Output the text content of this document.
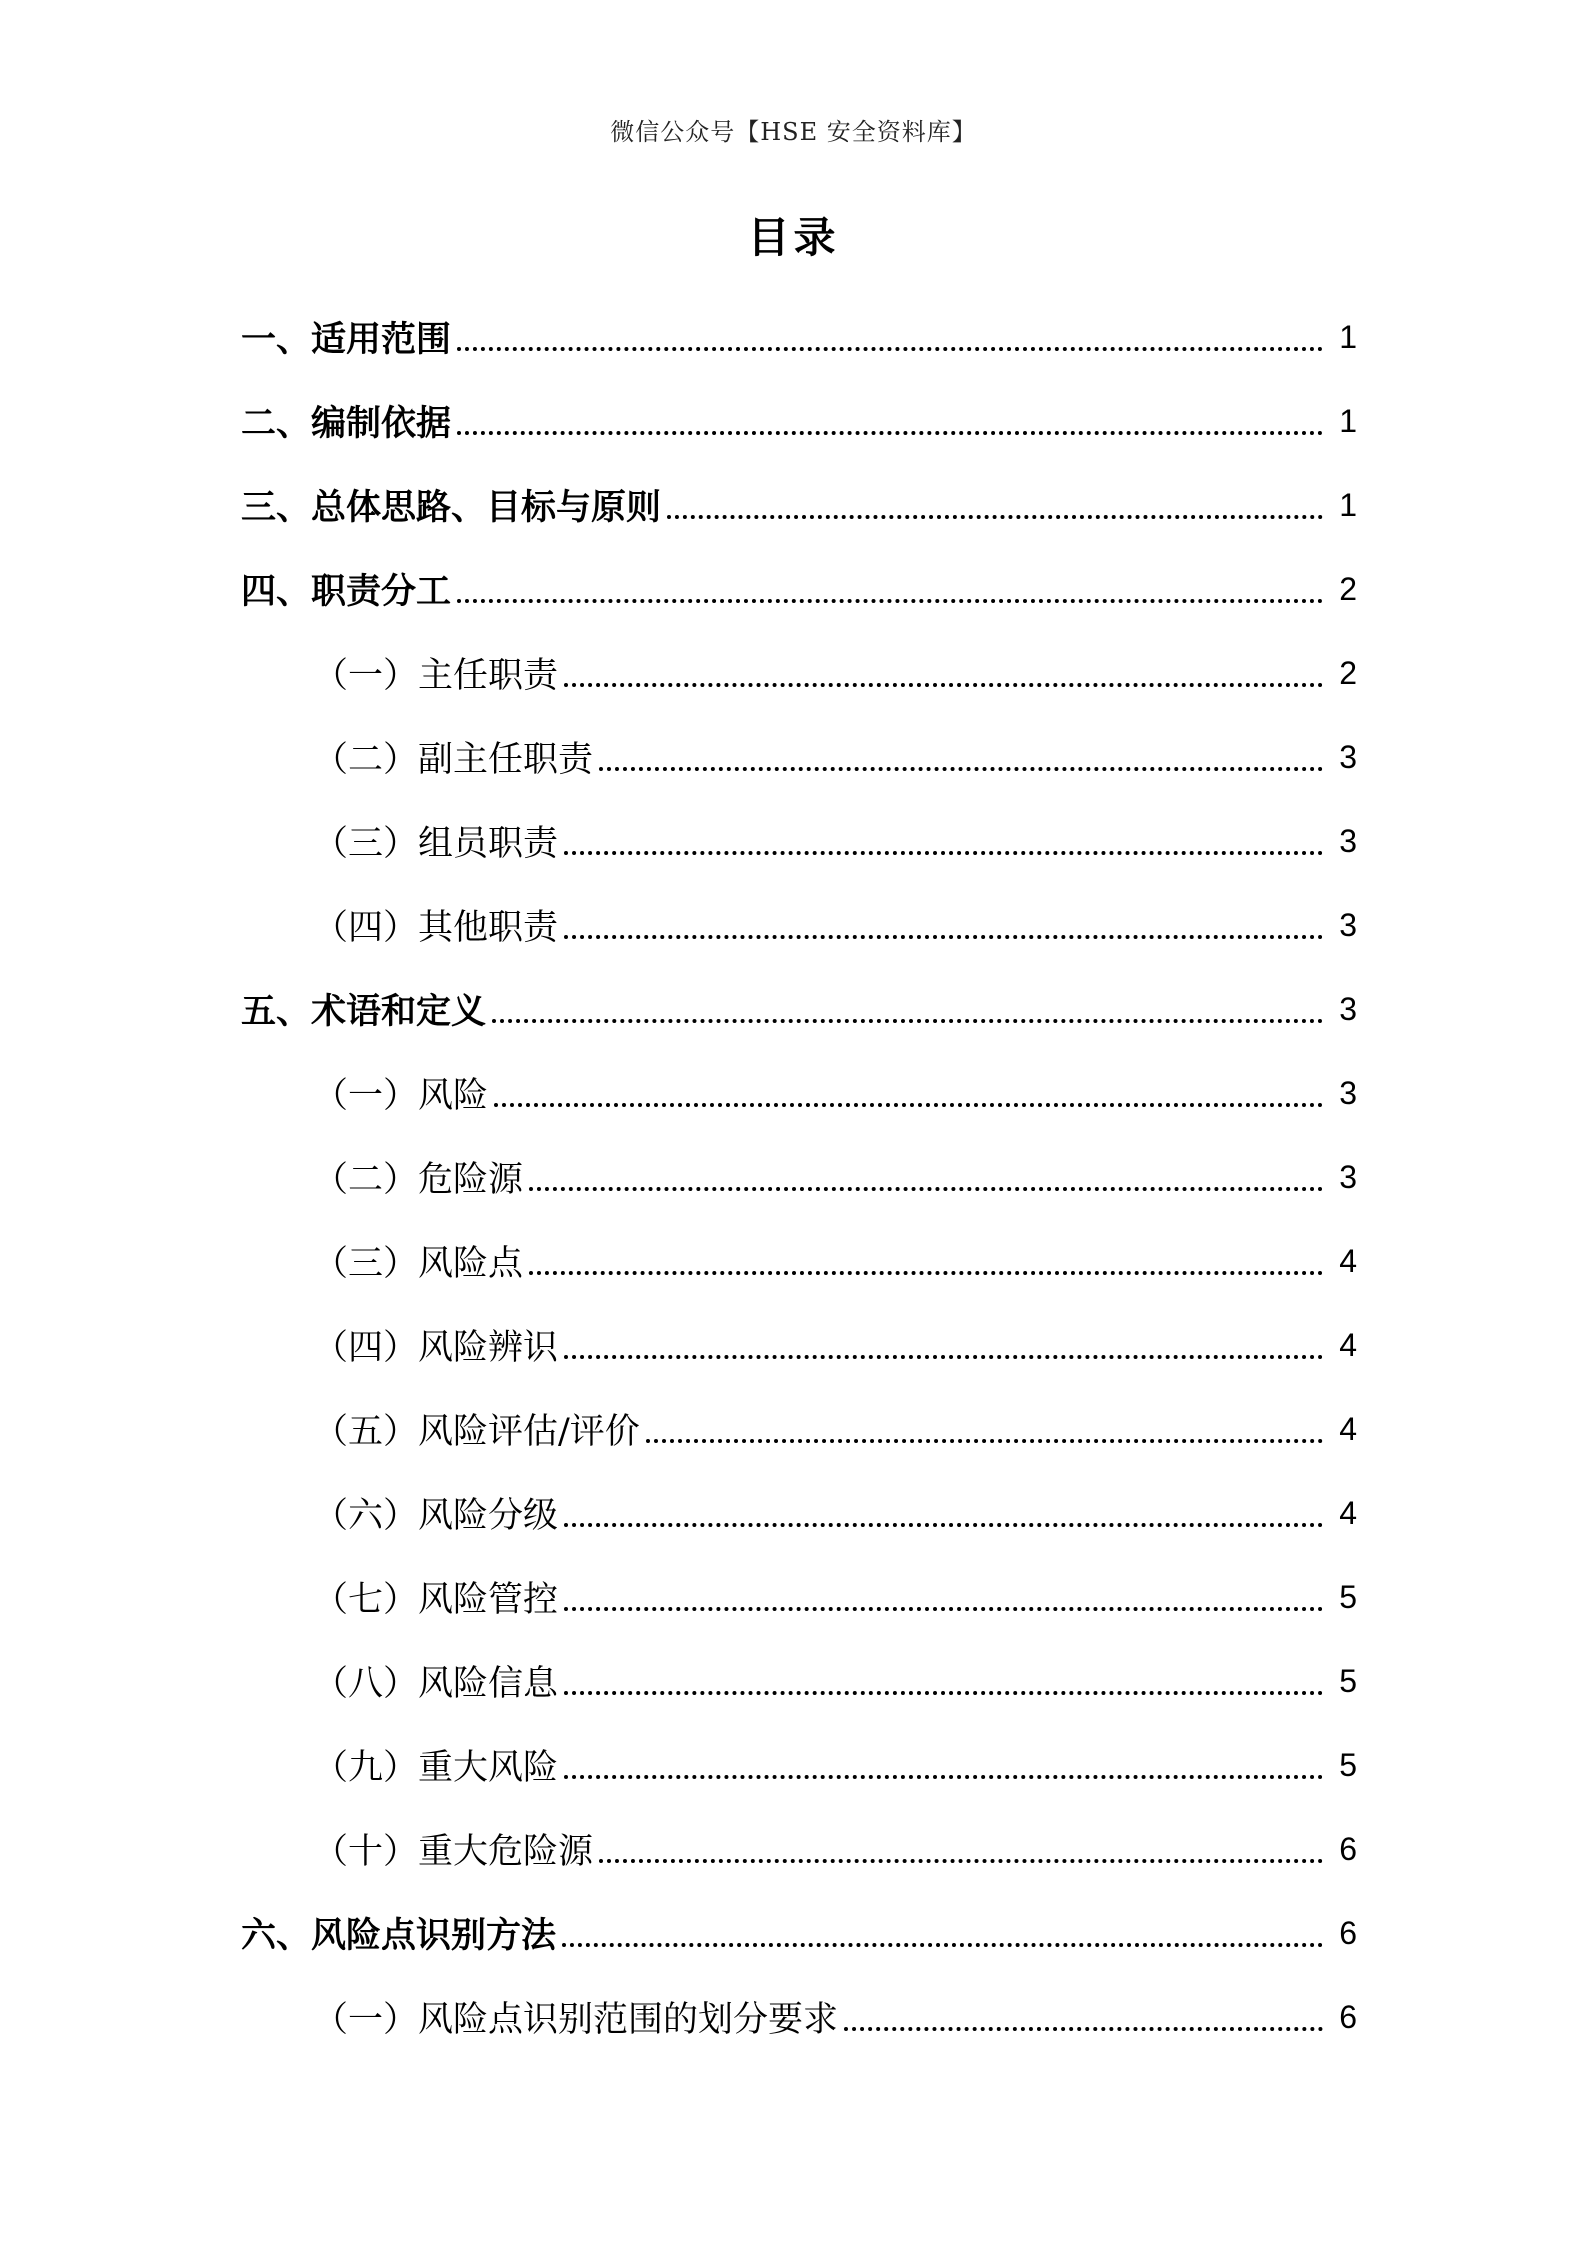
微信公众号【HSE 安全资料库】
目录
一、适用范围	1
二、编制依据	1
三、总体思路、目标与原则	1
四、职责分工	2
（一）主任职责	2
（二）副主任职责	3
（三）组员职责	3
（四）其他职责	3
五、术语和定义	3
（一）风险	3
（二）危险源	3
（三）风险点	4
（四）风险辨识	4
（五）风险评估/评价	4
（六）风险分级	4
（七）风险管控	5
（八）风险信息	5
（九）重大风险	5
（十）重大危险源	6
六、风险点识别方法	6
（一）风险点识别范围的划分要求	6
